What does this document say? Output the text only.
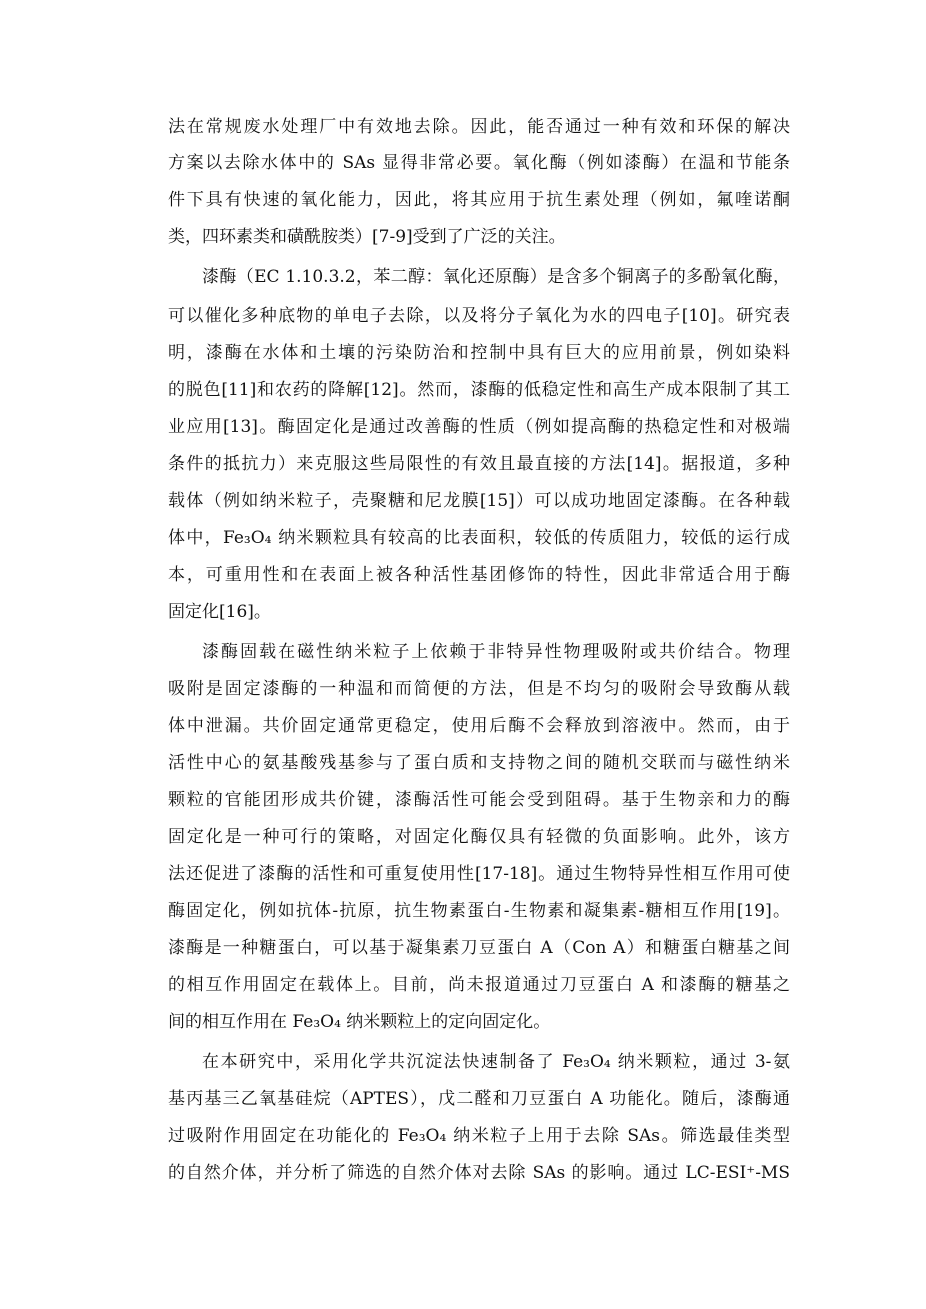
法在常规废水处理厂中有效地去除。因此，能否通过一种有效和环保的解决
方案以去除水体中的 SAs 显得非常必要。氧化酶（例如漆酶）在温和节能条
件下具有快速的氧化能力，因此，将其应用于抗生素处理（例如，氟喹诺酮
类，四环素类和磺酰胺类）[7-9]受到了广泛的关注。
漆酶（EC 1.10.3.2，苯二醇：氧化还原酶）是含多个铜离子的多酚氧化酶，
可以催化多种底物的单电子去除，以及将分子氧化为水的四电子[10]。研究表
明，漆酶在水体和土壤的污染防治和控制中具有巨大的应用前景，例如染料
的脱色[11]和农药的降解[12]。然而，漆酶的低稳定性和高生产成本限制了其工
业应用[13]。酶固定化是通过改善酶的性质（例如提高酶的热稳定性和对极端
条件的抵抗力）来克服这些局限性的有效且最直接的方法[14]。据报道，多种
载体（例如纳米粒子，壳聚糖和尼龙膜[15]）可以成功地固定漆酶。在各种载
体中，Fe₃O₄ 纳米颗粒具有较高的比表面积，较低的传质阻力，较低的运行成
本，可重用性和在表面上被各种活性基团修饰的特性，因此非常适合用于酶
固定化[16]。
漆酶固载在磁性纳米粒子上依赖于非特异性物理吸附或共价结合。物理
吸附是固定漆酶的一种温和而简便的方法，但是不均匀的吸附会导致酶从载
体中泄漏。共价固定通常更稳定，使用后酶不会释放到溶液中。然而，由于
活性中心的氨基酸残基参与了蛋白质和支持物之间的随机交联而与磁性纳米
颗粒的官能团形成共价键，漆酶活性可能会受到阻碍。基于生物亲和力的酶
固定化是一种可行的策略，对固定化酶仅具有轻微的负面影响。此外，该方
法还促进了漆酶的活性和可重复使用性[17-18]。通过生物特异性相互作用可使
酶固定化，例如抗体-抗原，抗生物素蛋白-生物素和凝集素-糖相互作用[19]。
漆酶是一种糖蛋白，可以基于凝集素刀豆蛋白 A（Con A）和糖蛋白糖基之间
的相互作用固定在载体上。目前，尚未报道通过刀豆蛋白 A 和漆酶的糖基之
间的相互作用在 Fe₃O₄ 纳米颗粒上的定向固定化。
在本研究中，采用化学共沉淀法快速制备了 Fe₃O₄ 纳米颗粒，通过 3-氨
基丙基三乙氧基硅烷（APTES），戊二醛和刀豆蛋白 A 功能化。随后，漆酶通
过吸附作用固定在功能化的 Fe₃O₄ 纳米粒子上用于去除 SAs。筛选最佳类型
的自然介体，并分析了筛选的自然介体对去除 SAs 的影响。通过 LC-ESI⁺-MS
